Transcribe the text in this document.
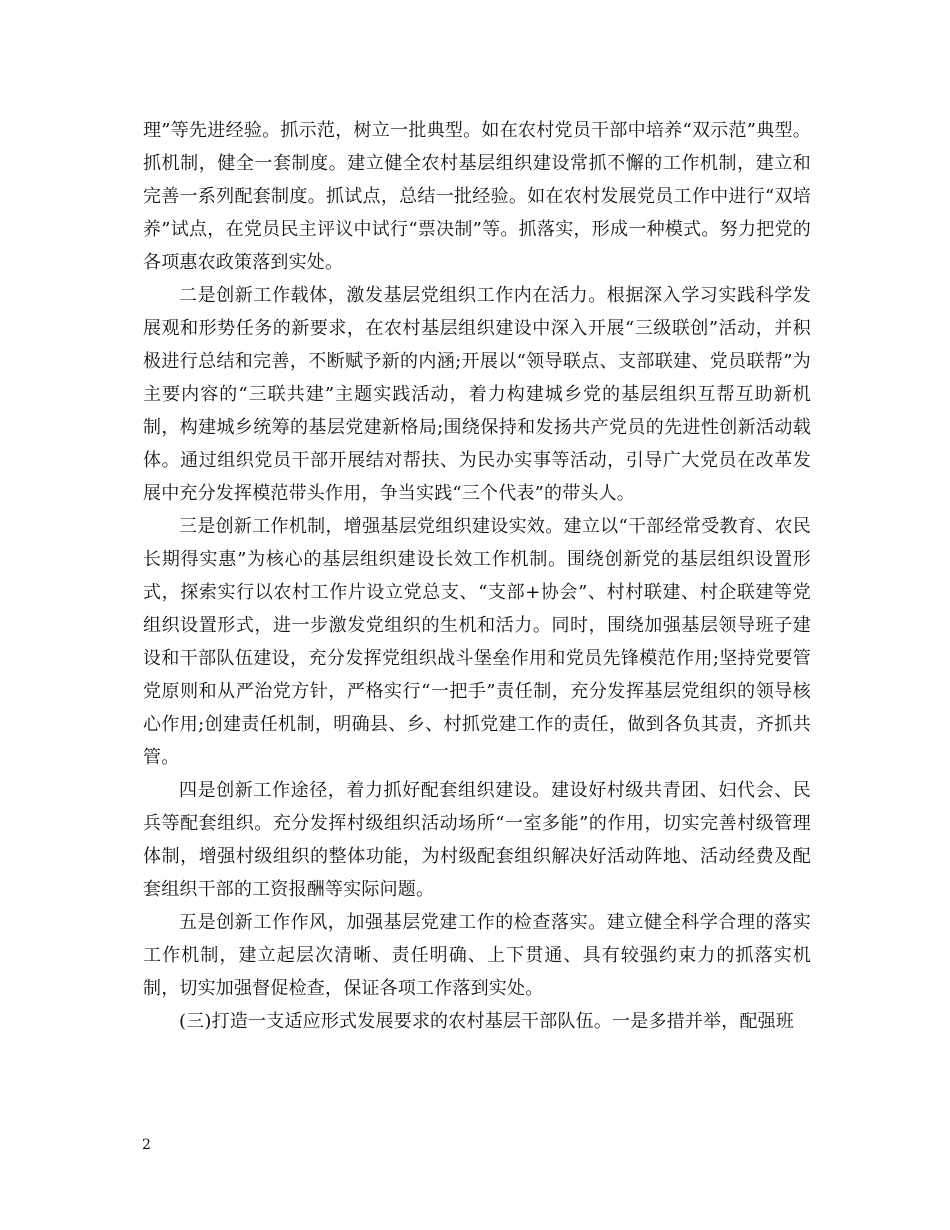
理”等先进经验。抓示范，树立一批典型。如在农村党员干部中培养“双示范”典型。抓机制，健全一套制度。建立健全农村基层组织建设常抓不懈的工作机制，建立和完善一系列配套制度。抓试点，总结一批经验。如在农村发展党员工作中进行“双培养”试点，在党员民主评议中试行“票决制”等。抓落实，形成一种模式。努力把党的各项惠农政策落到实处。

二是创新工作载体，激发基层党组织工作内在活力。根据深入学习实践科学发展观和形势任务的新要求，在农村基层组织建设中深入开展“三级联创”活动，并积极进行总结和完善，不断赋予新的内涵;开展以“领导联点、支部联建、党员联帮”为主要内容的“三联共建”主题实践活动，着力构建城乡党的基层组织互帮互助新机制，构建城乡统筹的基层党建新格局;围绕保持和发扬共产党员的先进性创新活动载体。通过组织党员干部开展结对帮扶、为民办实事等活动，引导广大党员在改革发展中充分发挥模范带头作用，争当实践“三个代表”的带头人。

三是创新工作机制，增强基层党组织建设实效。建立以“干部经常受教育、农民长期得实惠”为核心的基层组织建设长效工作机制。围绕创新党的基层组织设置形式，探索实行以农村工作片设立党总支、“支部+协会”、村村联建、村企联建等党组织设置形式，进一步激发党组织的生机和活力。同时，围绕加强基层领导班子建设和干部队伍建设，充分发挥党组织战斗堡垒作用和党员先锋模范作用;坚持党要管党原则和从严治党方针，严格实行“一把手”责任制，充分发挥基层党组织的领导核心作用;创建责任机制，明确县、乡、村抓党建工作的责任，做到各负其责，齐抓共管。

四是创新工作途径，着力抓好配套组织建设。建设好村级共青团、妇代会、民兵等配套组织。充分发挥村级组织活动场所“一室多能”的作用，切实完善村级管理体制，增强村级组织的整体功能，为村级配套组织解决好活动阵地、活动经费及配套组织干部的工资报酬等实际问题。

五是创新工作作风，加强基层党建工作的检查落实。建立健全科学合理的落实工作机制，建立起层次清晰、责任明确、上下贯通、具有较强约束力的抓落实机制，切实加强督促检查，保证各项工作落到实处。

(三)打造一支适应形式发展要求的农村基层干部队伍。一是多措并举，配强班

2
